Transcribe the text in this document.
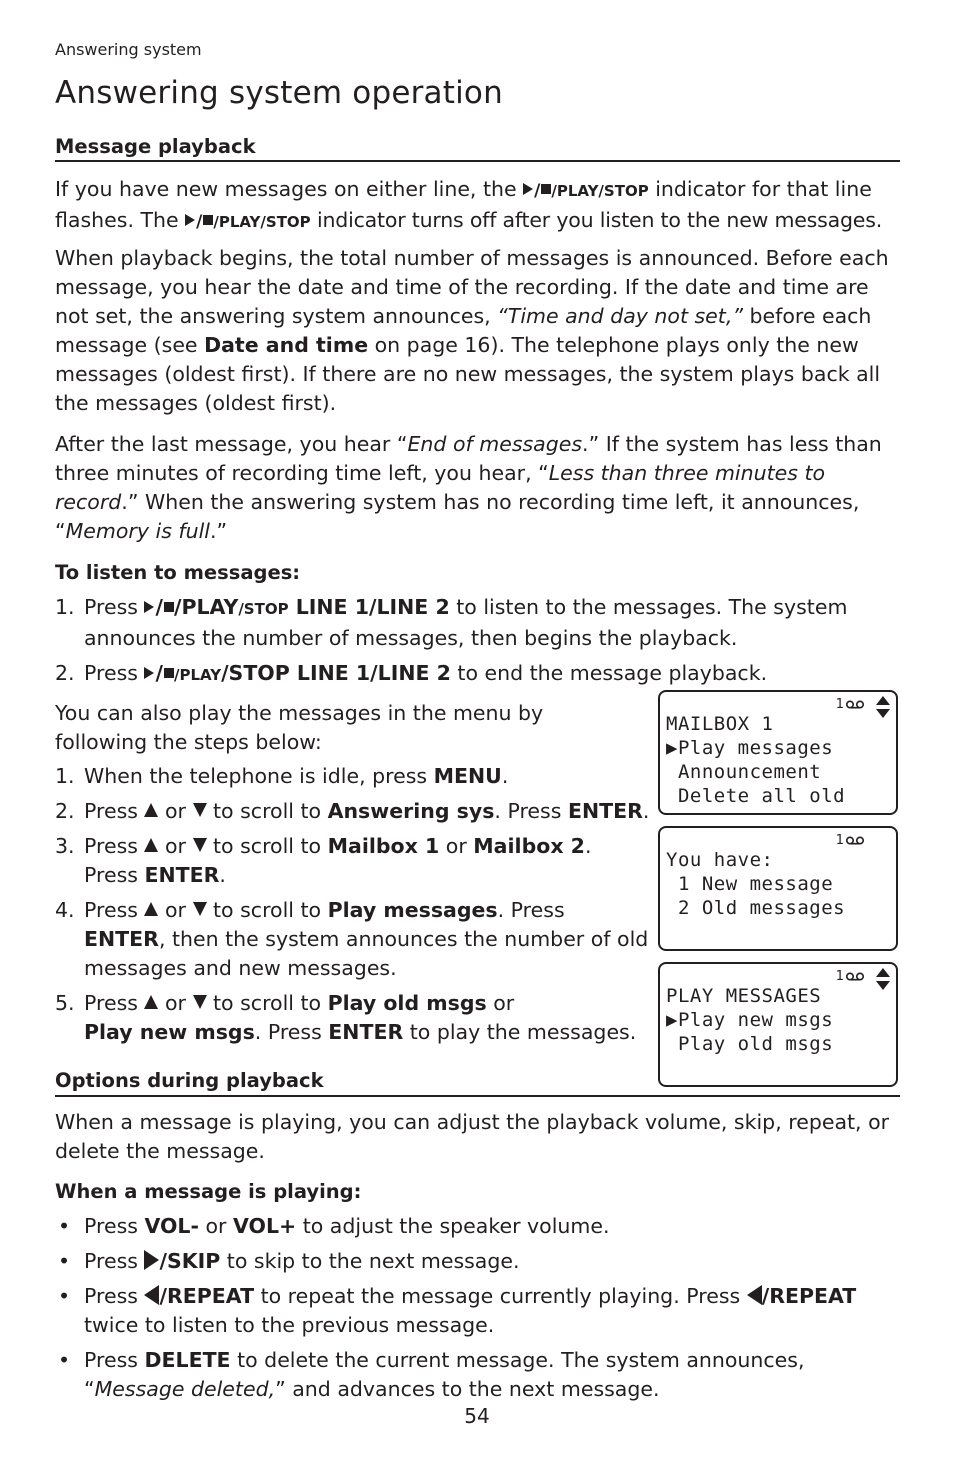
Answering system
Answering system operation
Message playback

If you have new messages on either line, the / /PLAY/STOP indicator for that line flashes. The / /PLAY/STOP indicator turns off after you listen to the new messages.

When playback begins, the total number of messages is announced. Before each message, you hear the date and time of the recording. If the date and time are not set, the answering system announces, “Time and day not set,” before each message (see Date and time on page 16). The telephone plays only the new messages (oldest first). If there are no new messages, the system plays back all the messages (oldest first).

After the last message, you hear “End of messages.” If the system has less than three minutes of recording time left, you hear, “Less than three minutes to record.” When the answering system has no recording time left, it announces, “Memory is full.”

To listen to messages:
1. Press / /PLAY/STOP LINE 1/LINE 2 to listen to the messages. The system announces the number of messages, then begins the playback.
2. Press / /PLAY/STOP LINE 1/LINE 2 to end the message playback.

You can also play the messages in the menu by following the steps below:

1. When the telephone is idle, press MENU.
2. Press  or  to scroll to Answering sys. Press ENTER.
3. Press  or  to scroll to Mailbox 1 or Mailbox 2.
Press ENTER.
4. Press  or  to scroll to Play messages. Press
ENTER, then the system announces the number of old messages and new messages.
5. Press  or  to scroll to Play old msgs or
Play new msgs. Press ENTER to play the messages.
Options during playback

When a message is playing, you can adjust the playback volume, skip, repeat, or delete the message.

When a message is playing:
• Press VOL- or VOL+ to adjust the speaker volume.
• Press /SKIP to skip to the next message.
• Press /REPEAT to repeat the message currently playing. Press /REPEAT
twice to listen to the previous message.
• Press DELETE to delete the current message. The system announces, “Message deleted,” and advances to the next message.
1
MAILBOX 1
▶Play messages
Announcement
Delete all old
1
You have:
1 New message
2 Old messages
1
PLAY MESSAGES
▶Play new msgs
Play old msgs
54
